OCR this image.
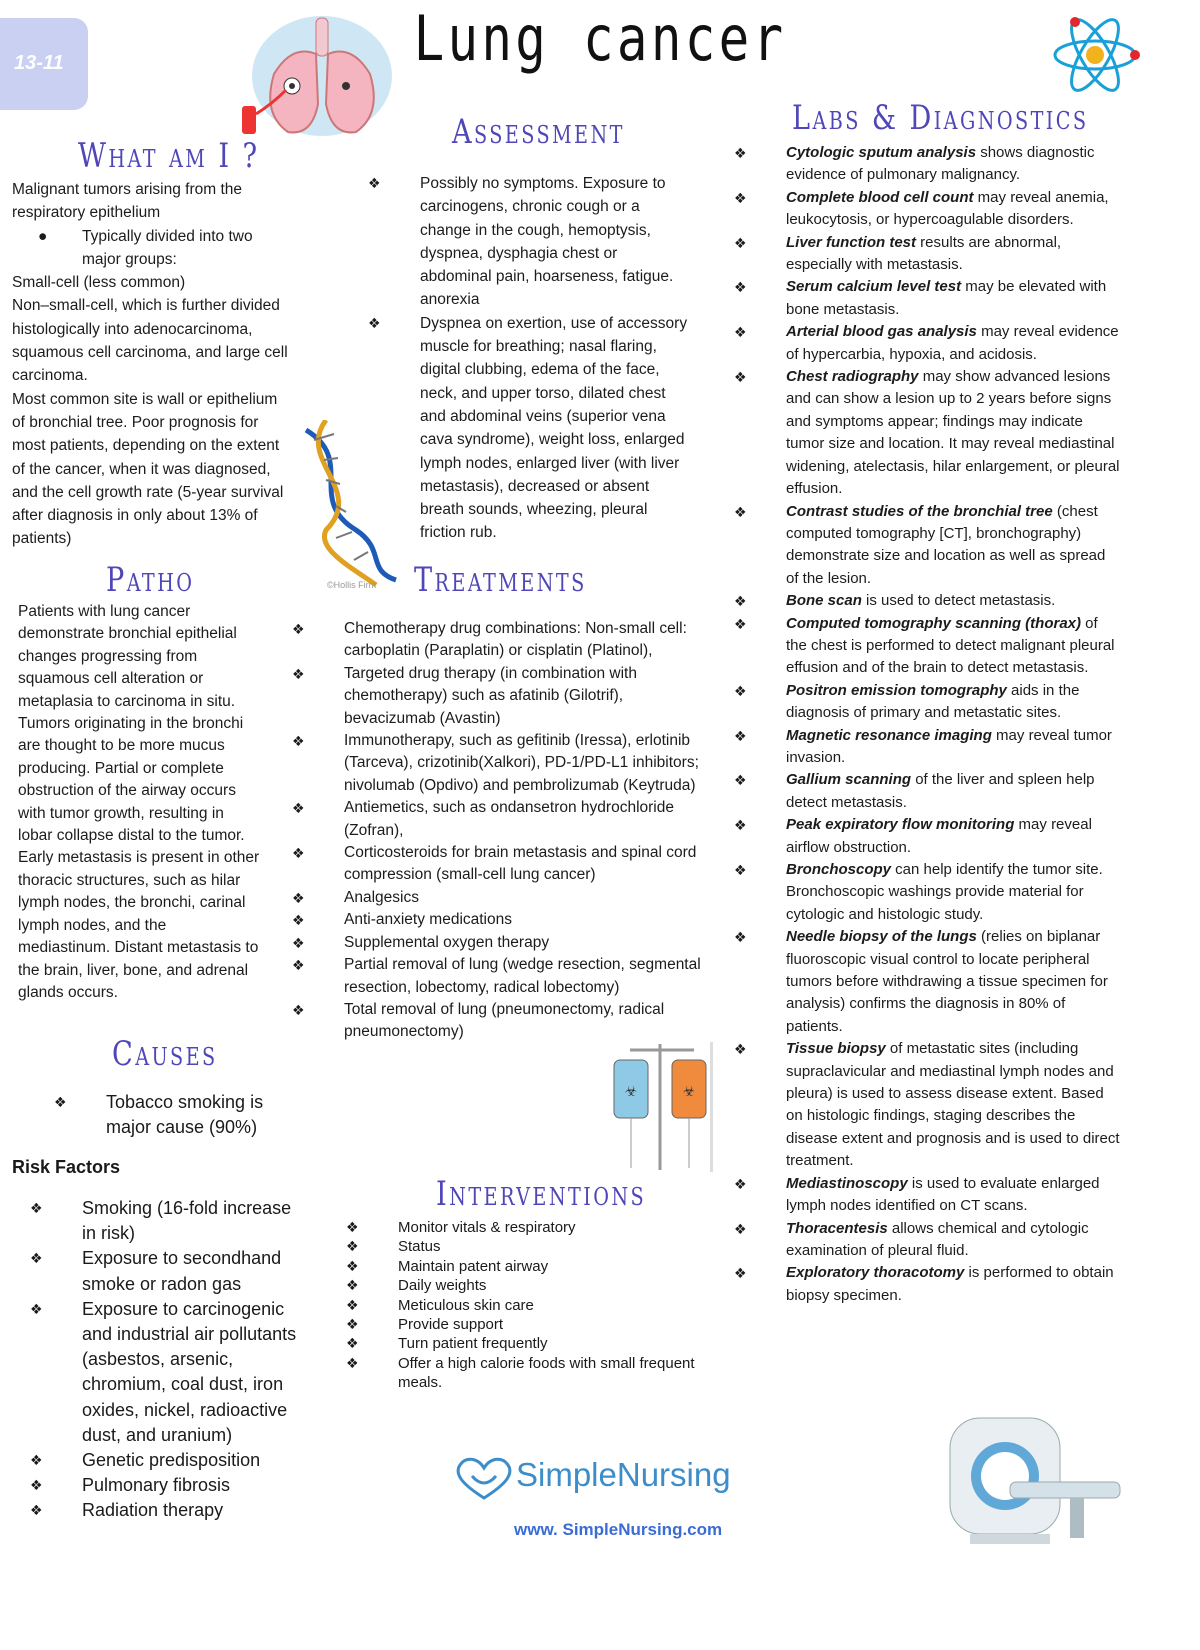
13-11	Lung cancer
What am I ?
Malignant tumors arising from the respiratory epithelium
● Typically divided into two major groups:
Small-cell (less common)
Non–small-cell, which is further divided histologically into adenocarcinoma, squamous cell carcinoma, and large cell carcinoma.
Most common site is wall or epithelium of bronchial tree. Poor prognosis for most patients, depending on the extent of the cancer, when it was diagnosed, and the cell growth rate (5-year survival after diagnosis in only about 13% of patients)
©Hollis Firm
Assessment
❖	Possibly no symptoms. Exposure to carcinogens, chronic cough or a change in the cough, hemoptysis, dyspnea, dysphagia chest or abdominal pain, hoarseness, fatigue. anorexia
❖	Dyspnea on exertion, use of accessory muscle for breathing; nasal flaring, digital clubbing, edema of the face, neck, and upper torso, dilated chest and abdominal veins (superior vena cava syndrome), weight loss, enlarged lymph nodes, enlarged liver (with liver metastasis), decreased or absent breath sounds, wheezing, pleural friction rub.
Labs & Diagnostics
❖	Cytologic sputum analysis shows diagnostic evidence of pulmonary malignancy.
❖	Complete blood cell count may reveal anemia, leukocytosis, or hypercoagulable disorders.
❖	Liver function test results are abnormal, especially with metastasis.
❖	Serum calcium level test may be elevated with bone metastasis.
❖	Arterial blood gas analysis may reveal evidence of hypercarbia, hypoxia, and acidosis.
❖	Chest radiography may show advanced lesions and can show a lesion up to 2 years before signs and symptoms appear; findings may indicate tumor size and location. It may reveal mediastinal widening, atelectasis, hilar enlargement, or pleural effusion.
❖	Contrast studies of the bronchial tree (chest computed tomography [CT], bronchography) demonstrate size and location as well as spread of the lesion.
❖	Bone scan is used to detect metastasis.
❖	Computed tomography scanning (thorax) of the chest is performed to detect malignant pleural effusion and of the brain to detect metastasis.
❖	Positron emission tomography aids in the diagnosis of primary and metastatic sites.
❖	Magnetic resonance imaging may reveal tumor invasion.
❖	Gallium scanning of the liver and spleen help detect metastasis.
❖	Peak expiratory flow monitoring may reveal airflow obstruction.
❖	Bronchoscopy can help identify the tumor site. Bronchoscopic washings provide material for cytologic and histologic study.
❖	Needle biopsy of the lungs (relies on biplanar fluoroscopic visual control to locate peripheral tumors before withdrawing a tissue specimen for analysis) confirms the diagnosis in 80% of patients.
❖	Tissue biopsy of metastatic sites (including supraclavicular and mediastinal lymph nodes and pleura) is used to assess disease extent. Based on histologic findings, staging describes the disease extent and prognosis and is used to direct treatment.
❖	Mediastinoscopy is used to evaluate enlarged lymph nodes identified on CT scans.
❖	Thoracentesis allows chemical and cytologic examination of pleural fluid.
❖	Exploratory thoracotomy is performed to obtain biopsy specimen.
Patho
Patients with lung cancer demonstrate bronchial epithelial changes progressing from squamous cell alteration or metaplasia to carcinoma in situ. Tumors originating in the bronchi are thought to be more mucus producing. Partial or complete obstruction of the airway occurs with tumor growth, resulting in lobar collapse distal to the tumor. Early metastasis is present in other thoracic structures, such as hilar lymph nodes, the bronchi, carinal lymph nodes, and the mediastinum. Distant metastasis to the brain, liver, bone, and adrenal glands occurs.
Treatments
❖	Chemotherapy drug combinations: Non-small cell: carboplatin (Paraplatin) or cisplatin (Platinol),
❖	Targeted drug therapy (in combination with chemotherapy) such as afatinib (Gilotrif), bevacizumab (Avastin)
❖	Immunotherapy, such as gefitinib (Iressa), erlotinib (Tarceva), crizotinib(Xalkori), PD-1/PD-L1 inhibitors; nivolumab (Opdivo) and pembrolizumab (Keytruda)
❖	Antiemetics, such as ondansetron hydrochloride (Zofran),
❖	Corticosteroids for brain metastasis and spinal cord compression (small-cell lung cancer)
❖	Analgesics
❖	Anti-anxiety medications
❖	Supplemental oxygen therapy
❖	Partial removal of lung (wedge resection, segmental resection, lobectomy, radical lobectomy)
❖	Total removal of lung (pneumonectomy, radical pneumonectomy)
Causes
❖ Tobacco smoking is major cause (90%)
Risk Factors
❖ Smoking (16-fold increase in risk)
❖ Exposure to secondhand smoke or radon gas
❖ Exposure to carcinogenic and industrial air pollutants (asbestos, arsenic, chromium, coal dust, iron oxides, nickel, radioactive dust, and uranium)
❖ Genetic predisposition
❖ Pulmonary fibrosis
❖ Radiation therapy
☣	☣
Interventions
❖	Monitor vitals & respiratory
❖	Status
❖	Maintain patent airway
❖	Daily weights
❖	Meticulous skin care
❖	Provide support
❖	Turn patient frequently
❖	Offer a high calorie foods with small frequent meals.
SimpleNursing
www. SimpleNursing.com
